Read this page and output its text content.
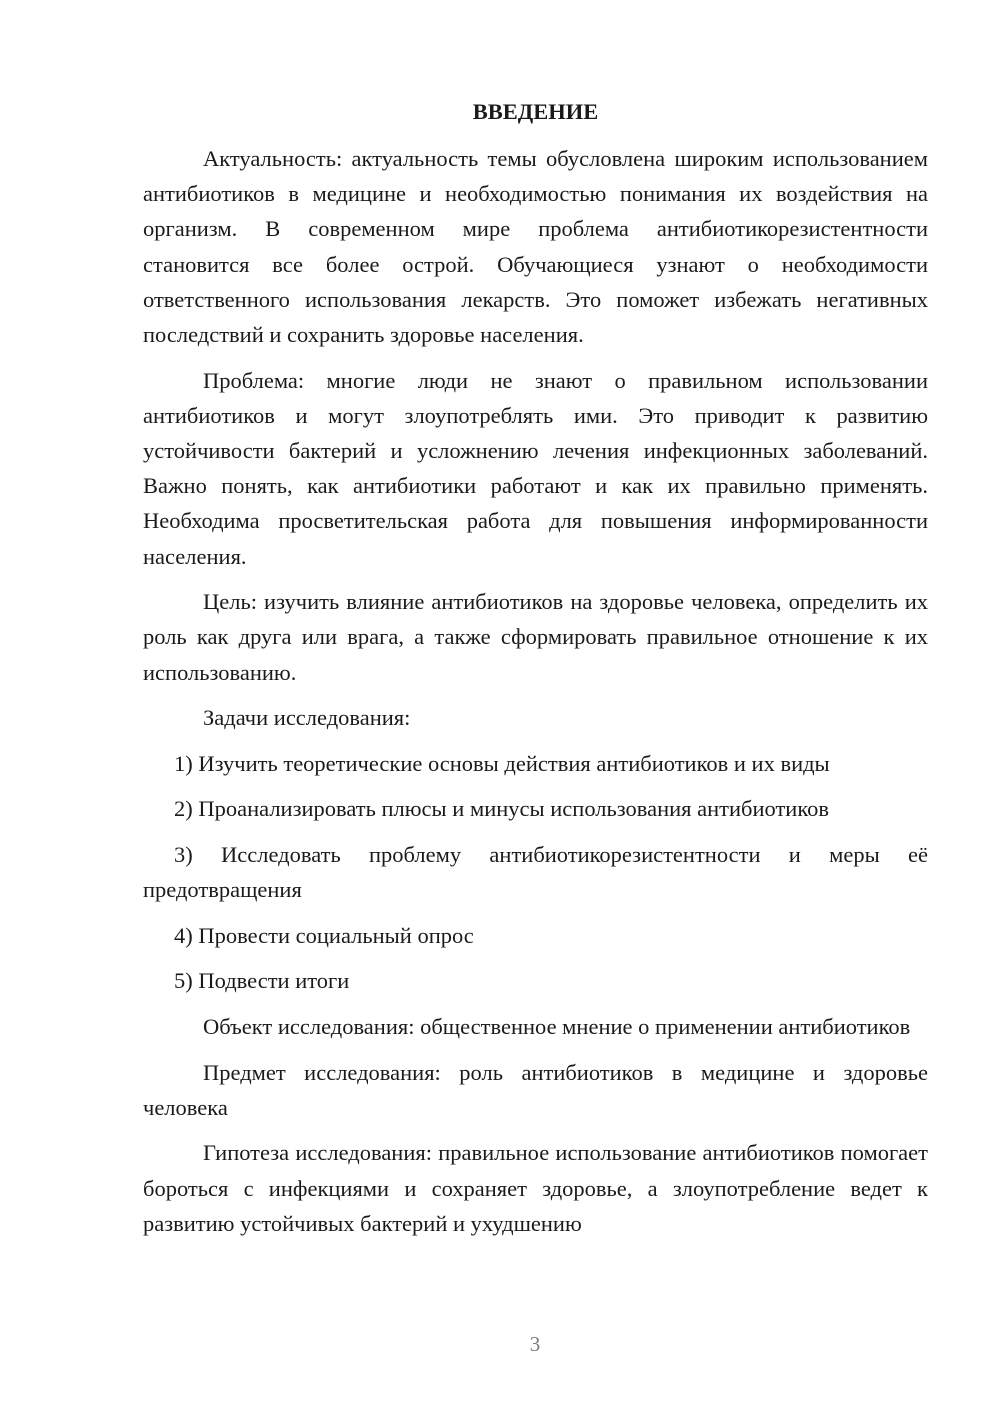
ВВЕДЕНИЕ

Актуальность: актуальность темы обусловлена широким использованием антибиотиков в медицине и необходимостью понимания их воздействия на организм. В современном мире проблема антибиотикорезистентности становится все более острой. Обучающиеся узнают о необходимости ответственного использования лекарств. Это поможет избежать негативных последствий и сохранить здоровье населения.

Проблема: многие люди не знают о правильном использовании антибиотиков и могут злоупотреблять ими. Это приводит к развитию устойчивости бактерий и усложнению лечения инфекционных заболеваний. Важно понять, как антибиотики работают и как их правильно применять. Необходима просветительская работа для повышения информированности населения.

Цель: изучить влияние антибиотиков на здоровье человека, определить их роль как друга или врага, а также сформировать правильное отношение к их использованию.

Задачи исследования:

1) Изучить теоретические основы действия антибиотиков и их виды

2) Проанализировать плюсы и минусы использования антибиотиков

3) Исследовать проблему антибиотикорезистентности и меры её предотвращения

4) Провести социальный опрос

5) Подвести итоги

Объект исследования: общественное мнение о применении антибиотиков

Предмет исследования: роль антибиотиков в медицине и здоровье человека

Гипотеза исследования: правильное использование антибиотиков помогает бороться с инфекциями и сохраняет здоровье, а злоупотребление ведет к развитию устойчивых бактерий и ухудшению

3
